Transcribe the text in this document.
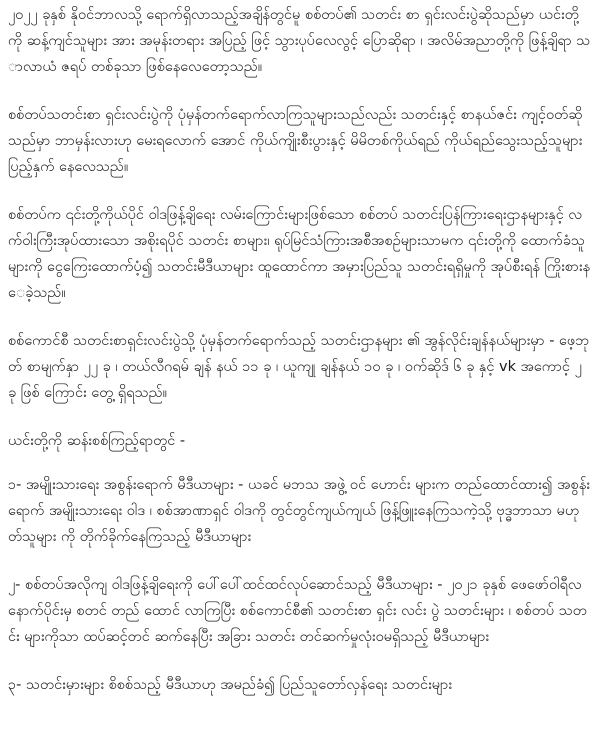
၂၀၂၂ ခုနှစ် နိုဝင်ဘာလသို့ ရောက်ရှိလာသည့်အချိန်တွင်မူ စစ်တပ်၏ သတင်း စာ ရှင်းလင်းပွဲဆိုသည်မှာ ယင်းတို့ကို ဆန့်ကျင်သူများ အား အမုန်းတရား အပြည့် ဖြင့် သွားပုပ်လေလွင့် ပြောဆိုရာ ၊ အလိမ်အညာတို့ကို ဖြန့်ချိရာ သာလာယံ ဇရပ် တစ်ခုသာ ဖြစ်နေလေတော့သည်။

စစ်တပ်သတင်းစာ ရှင်းလင်းပွဲကို ပုံမှန်တက်ရောက်လာကြသူများသည်လည်း သတင်းနှင့် စာနယ်ဇင်း ကျင့်ဝတ်ဆိုသည်မှာ ဘာမှန်းလားဟု မေးရလောက် အောင် ကိုယ်ကျိုးစီးပွားနှင့် မိမိတစ်ကိုယ်ရည် ကိုယ်ရည်သွေးသည့်သူများ ပြည့်နှက် နေလေသည်။

စစ်တပ်က ၎င်းတို့ကိုယ်ပိုင် ဝါဒဖြန့်ချိရေး လမ်းကြောင်းများဖြစ်သော စစ်တပ် သတင်းပြန်ကြားရေးဌာနများနှင့် လက်ဝါးကြီးအုပ်ထားသော အစိုးရပိုင် သတင်း စာများ၊ ရုပ်မြင်သံကြားအစီအစဉ်များသာမက ၎င်းတို့ကို ထောက်ခံသူ များကို ငွေကြေးထောက်ပံ့၍ သတင်းမီဒီယာများ ထူထောင်ကာ အမှားပြည်သူ သတင်းရရှိမှုကို အုပ်စီးရန် ကြိုးစားနေခဲ့သည်။

စစ်ကောင်စီ သတင်းစာရှင်းလင်းပွဲသို့ ပုံမှန်တက်ရောက်သည့် သတင်းဌာနများ ၏ အွန်လိုင်းချန်နယ်များမှာ - ဖေ့ဘုတ် စာမျက်နှာ ၂၂ ခု ၊ တယ်လီဂရမ် ချန် နယ် ၁၁ ခု ၊ ယူကျု ချန်နယ် ၁၀ ခု ၊ ဝက်ဆိုဒ် ၆ ခု နှင့် vk အကောင့် ၂ ခု ဖြစ် ကြောင်း တွေ့ ရှိရသည်။

ယင်းတို့ကို ဆန်းစစ်ကြည့်ရာတွင် -

၁- အမျိုးသားရေး အစွန်းရောက် မီဒီယာများ - ယခင် မဘသ အဖွဲ့ ဝင် ဟောင်း များက တည်ထောင်ထား၍ အစွန်းရောက် အမျိုးသားရေး ဝါဒ ၊ စစ်အာဏာရှင် ဝါဒကို တွင်တွင်ကျယ်ကျယ် ဖြန့်ဖြူးနေကြသကဲ့သို့ ဗုဒ္ဓဘာသာ မဟုတ်သူများ ကို တိုက်ခိုက်နေကြသည့် မီဒီယာများ

၂- စစ်တပ်အလိုကျ ဝါဒဖြန့်ချိရေးကို ပေါ်ပေါ်ထင်ထင်လုပ်ဆောင်သည့် မီဒီယာများ - ၂၀၂၁ ခုနှစ် ဖေဖော်ဝါရီလ နောက်ပိုင်းမှ စတင် တည် ထောင် လာကြပြီး စစ်ကောင်စီ၏ သတင်းစာ ရှင်း လင်း ပွဲ သတင်းများ ၊ စစ်တပ် သတင်း များကိုသာ ထပ်ဆင့်တင် ဆက်နေပြီး အခြား သတင်း တင်ဆက်မှုလုံးဝမရှိသည့် မီဒီယာများ

၃- သတင်းမှားများ စိစစ်သည့် မီဒီယာဟု အမည်ခံ၍ ပြည်သူတော်လှန်ရေး သတင်းများ
